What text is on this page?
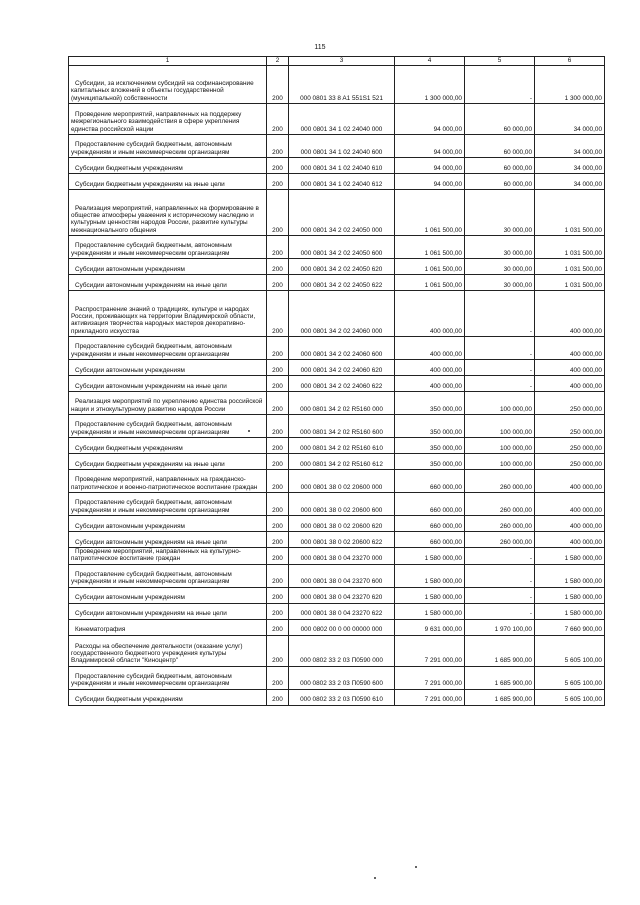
115
1	2	3	4	5	6

Субсидии, за исключением субсидий на софинансирование капитальных вложений в объекты государственной (муниципальной) собственности	200	000 0801 33 8 A1 551S1 521	1 300 000,00	-	1 300 000,00

Проведение мероприятий, направленных на поддержку межрегионального взаимодействия в сфере укрепления единства российской нации	200	000 0801 34 1 02 24040 000	94 000,00	60 000,00	34 000,00

Предоставление субсидий бюджетным, автономным учреждениям и иным некоммерческим организациям	200	000 0801 34 1 02 24040 600	94 000,00	60 000,00	34 000,00

Субсидии бюджетным учреждениям	200	000 0801 34 1 02 24040 610	94 000,00	60 000,00	34 000,00

Субсидии бюджетным учреждениям на иные цели	200	000 0801 34 1 02 24040 612	94 000,00	60 000,00	34 000,00

Реализация мероприятий, направленных на формирование в обществе атмосферы уважения к историческому наследию и культурным ценностям народов России, развитие культуры межнационального общения	200	000 0801 34 2 02 24050 000	1 061 500,00	30 000,00	1 031 500,00

Предоставление субсидий бюджетным, автономным учреждениям и иным некоммерческим организациям	200	000 0801 34 2 02 24050 600	1 061 500,00	30 000,00	1 031 500,00

Субсидии автономным учреждениям	200	000 0801 34 2 02 24050 620	1 061 500,00	30 000,00	1 031 500,00

Субсидии автономным учреждениям на иные цели	200	000 0801 34 2 02 24050 622	1 061 500,00	30 000,00	1 031 500,00

Распространение знаний о традициях, культуре и народах России, проживающих на территории Владимирской области, активизация творчества народных мастеров декоративно-прикладного искусства	200	000 0801 34 2 02 24060 000	400 000,00	-	400 000,00

Предоставление субсидий бюджетным, автономным учреждениям и иным некоммерческим организациям	200	000 0801 34 2 02 24060 600	400 000,00	-	400 000,00

Субсидии автономным учреждениям	200	000 0801 34 2 02 24060 620	400 000,00	-	400 000,00

Субсидии автономным учреждениям на иные цели	200	000 0801 34 2 02 24060 622	400 000,00	-	400 000,00

Реализация мероприятий по укреплению единства российской нации и этнокультурному развитию народов России	200	000 0801 34 2 02 R5160 000	350 000,00	100 000,00	250 000,00

Предоставление субсидий бюджетным, автономным учреждениям и иным некоммерческим организациям	200	000 0801 34 2 02 R5160 600	350 000,00	100 000,00	250 000,00

Субсидии бюджетным учреждениям	200	000 0801 34 2 02 R5160 610	350 000,00	100 000,00	250 000,00

Субсидии бюджетным учреждениям на иные цели	200	000 0801 34 2 02 R5160 612	350 000,00	100 000,00	250 000,00

Проведение мероприятий, направленных на гражданско-патриотическое и военно-патриотическое воспитание граждан	200	000 0801 38 0 02 20600 000	660 000,00	260 000,00	400 000,00

Предоставление субсидий бюджетным, автономным учреждениям и иным некоммерческим организациям	200	000 0801 38 0 02 20600 600	660 000,00	260 000,00	400 000,00

Субсидии автономным учреждениям	200	000 0801 38 0 02 20600 620	660 000,00	260 000,00	400 000,00

Субсидии автономным учреждениям на иные цели	200	000 0801 38 0 02 20600 622	660 000,00	260 000,00	400 000,00

Проведение мероприятий, направленных на культурно-патриотическое воспитание граждан	200	000 0801 38 0 04 23270 000	1 580 000,00	-	1 580 000,00

Предоставление субсидий бюджетным, автономным учреждениям и иным некоммерческим организациям	200	000 0801 38 0 04 23270 600	1 580 000,00	-	1 580 000,00

Субсидии автономным учреждениям	200	000 0801 38 0 04 23270 620	1 580 000,00	-	1 580 000,00

Субсидии автономным учреждениям на иные цели	200	000 0801 38 0 04 23270 622	1 580 000,00	-	1 580 000,00

Кинематография	200	000 0802 00 0 00 00000 000	9 631 000,00	1 970 100,00	7 660 900,00

Расходы на обеспечение деятельности (оказание услуг) государственного бюджетного учреждения культуры Владимирской области "Киноцентр"	200	000 0802 33 2 03 П0590 000	7 291 000,00	1 685 900,00	5 605 100,00

Предоставление субсидий бюджетным, автономным учреждениям и иным некоммерческим организациям	200	000 0802 33 2 03 П0590 600	7 291 000,00	1 685 900,00	5 605 100,00

Субсидии бюджетным учреждениям	200	000 0802 33 2 03 П0590 610	7 291 000,00	1 685 900,00	5 605 100,00
